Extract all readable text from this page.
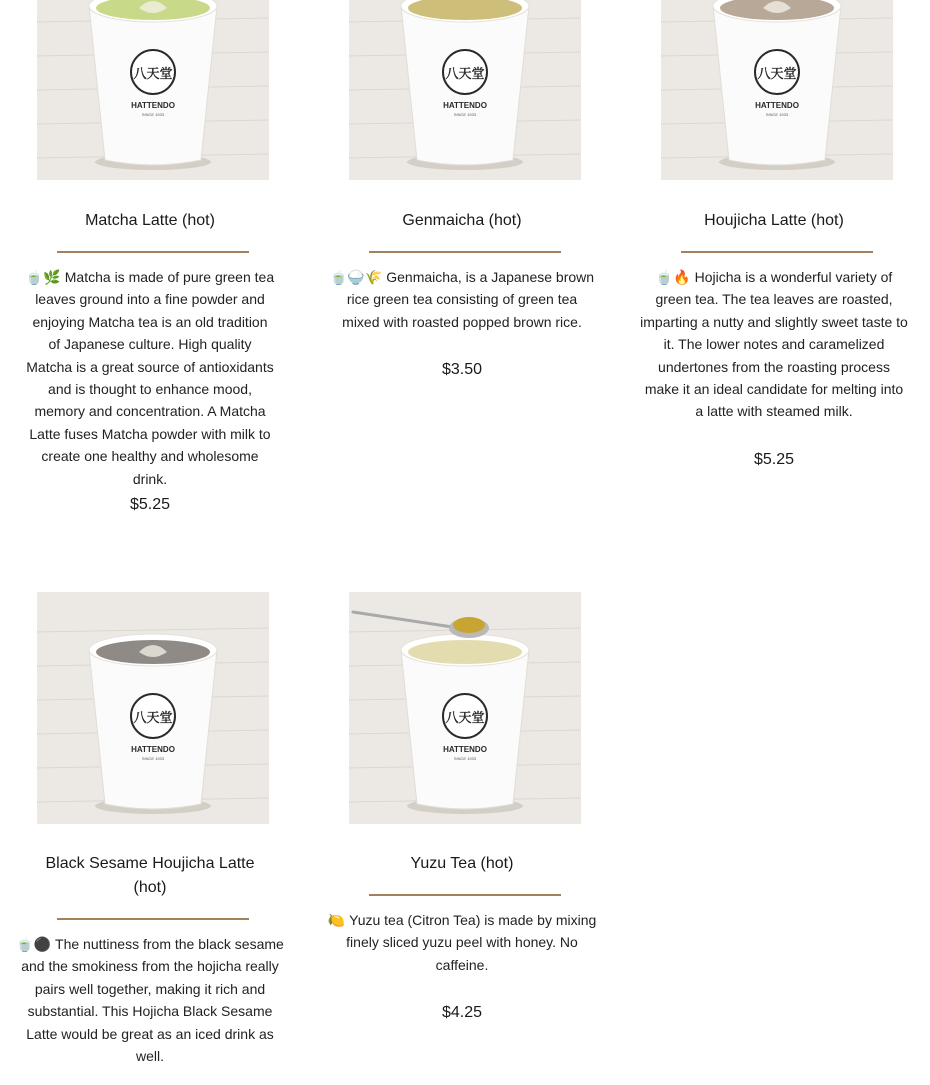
八天堂
HATTENDO
SINCE 1933
Matcha Latte (hot)
🍵🌿 Matcha is made of pure green tea leaves ground into a fine powder and enjoying Matcha tea is an old tradition of Japanese culture. High quality Matcha is a great source of antioxidants and is thought to enhance mood, memory and concentration. A Matcha Latte fuses Matcha powder with milk to create one healthy and wholesome drink.
$5.25
八天堂
HATTENDO
SINCE 1933
Genmaicha (hot)
🍵🍚🌾 Genmaicha, is a Japanese brown rice green tea consisting of green tea mixed with roasted popped brown rice.
$3.50
八天堂
HATTENDO
SINCE 1933
Houjicha Latte (hot)
🍵🔥 Hojicha is a wonderful variety of green tea. The tea leaves are roasted, imparting a nutty and slightly sweet taste to it. The lower notes and caramelized undertones from the roasting process make it an ideal candidate for melting into a latte with steamed milk.
$5.25
八天堂
HATTENDO
SINCE 1933
Black Sesame Houjicha Latte (hot)
🍵⚫ The nuttiness from the black sesame and the smokiness from the hojicha really pairs well together, making it rich and substantial. This Hojicha Black Sesame Latte would be great as an iced drink as well.
八天堂
HATTENDO
SINCE 1933
Yuzu Tea (hot)
🍋 Yuzu tea (Citron Tea) is made by mixing finely sliced yuzu peel with honey. No caffeine.
$4.25
